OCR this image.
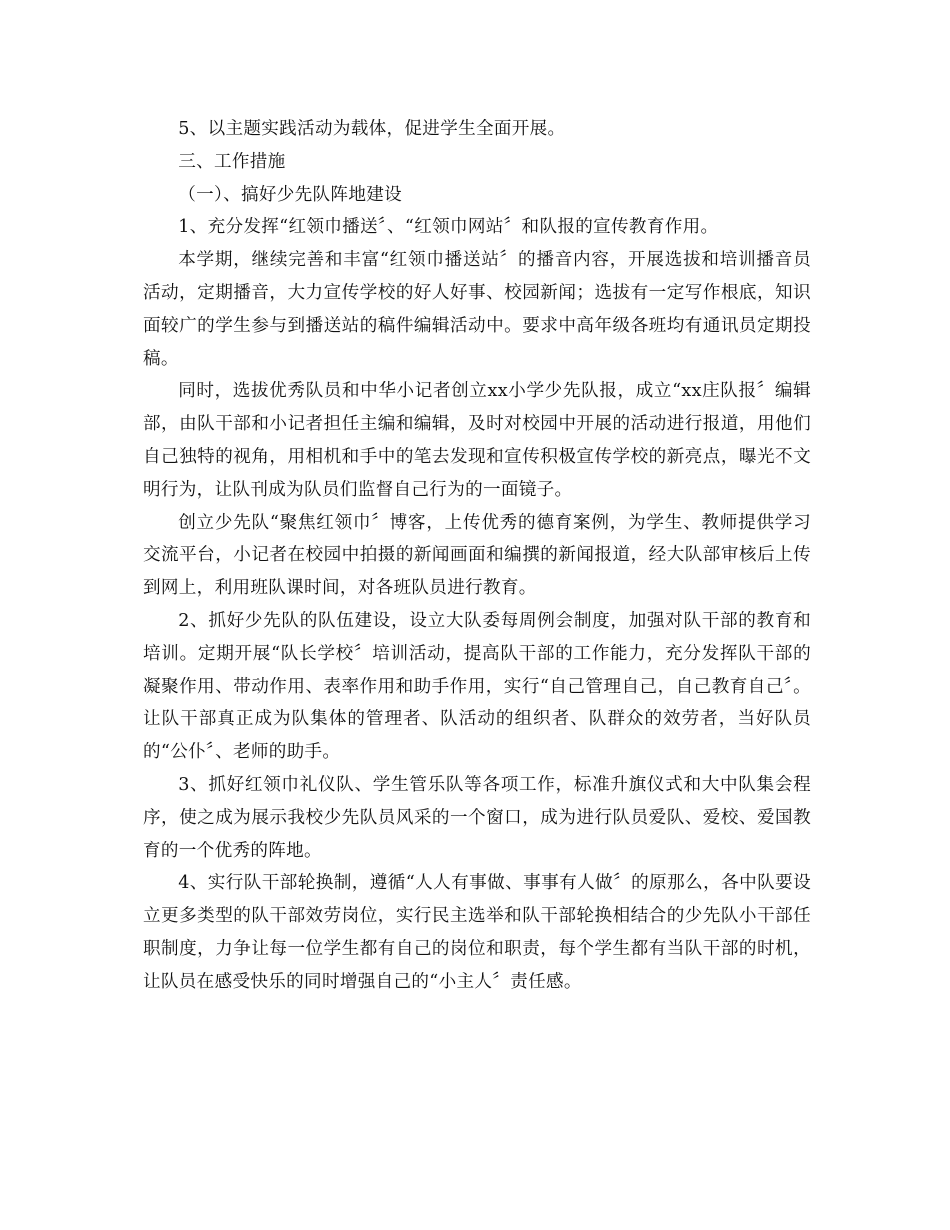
5、以主题实践活动为载体，促进学生全面开展。

三、工作措施

（一）、搞好少先队阵地建设

1、充分发挥“红领巾播送〞、“红领巾网站〞和队报的宣传教育作用。

本学期，继续完善和丰富“红领巾播送站〞的播音内容，开展选拔和培训播音员活动，定期播音，大力宣传学校的好人好事、校园新闻；选拔有一定写作根底，知识面较广的学生参与到播送站的稿件编辑活动中。要求中高年级各班均有通讯员定期投稿。

同时，选拔优秀队员和中华小记者创立xx小学少先队报，成立“xx庄队报〞编辑部，由队干部和小记者担任主编和编辑，及时对校园中开展的活动进行报道，用他们自己独特的视角，用相机和手中的笔去发现和宣传积极宣传学校的新亮点，曝光不文明行为，让队刊成为队员们监督自己行为的一面镜子。

创立少先队“聚焦红领巾〞博客，上传优秀的德育案例，为学生、教师提供学习交流平台，小记者在校园中拍摄的新闻画面和编撰的新闻报道，经大队部审核后上传到网上，利用班队课时间，对各班队员进行教育。

2、抓好少先队的队伍建设，设立大队委每周例会制度，加强对队干部的教育和培训。定期开展“队长学校〞培训活动，提高队干部的工作能力，充分发挥队干部的凝聚作用、带动作用、表率作用和助手作用，实行“自己管理自己，自己教育自己〞。让队干部真正成为队集体的管理者、队活动的组织者、队群众的效劳者，当好队员的“公仆〞、老师的助手。

3、抓好红领巾礼仪队、学生管乐队等各项工作，标准升旗仪式和大中队集会程序，使之成为展示我校少先队员风采的一个窗口，成为进行队员爱队、爱校、爱国教育的一个优秀的阵地。

4、实行队干部轮换制，遵循“人人有事做、事事有人做〞的原那么，各中队要设立更多类型的队干部效劳岗位，实行民主选举和队干部轮换相结合的少先队小干部任职制度，力争让每一位学生都有自己的岗位和职责，每个学生都有当队干部的时机，让队员在感受快乐的同时增强自己的“小主人〞责任感。
